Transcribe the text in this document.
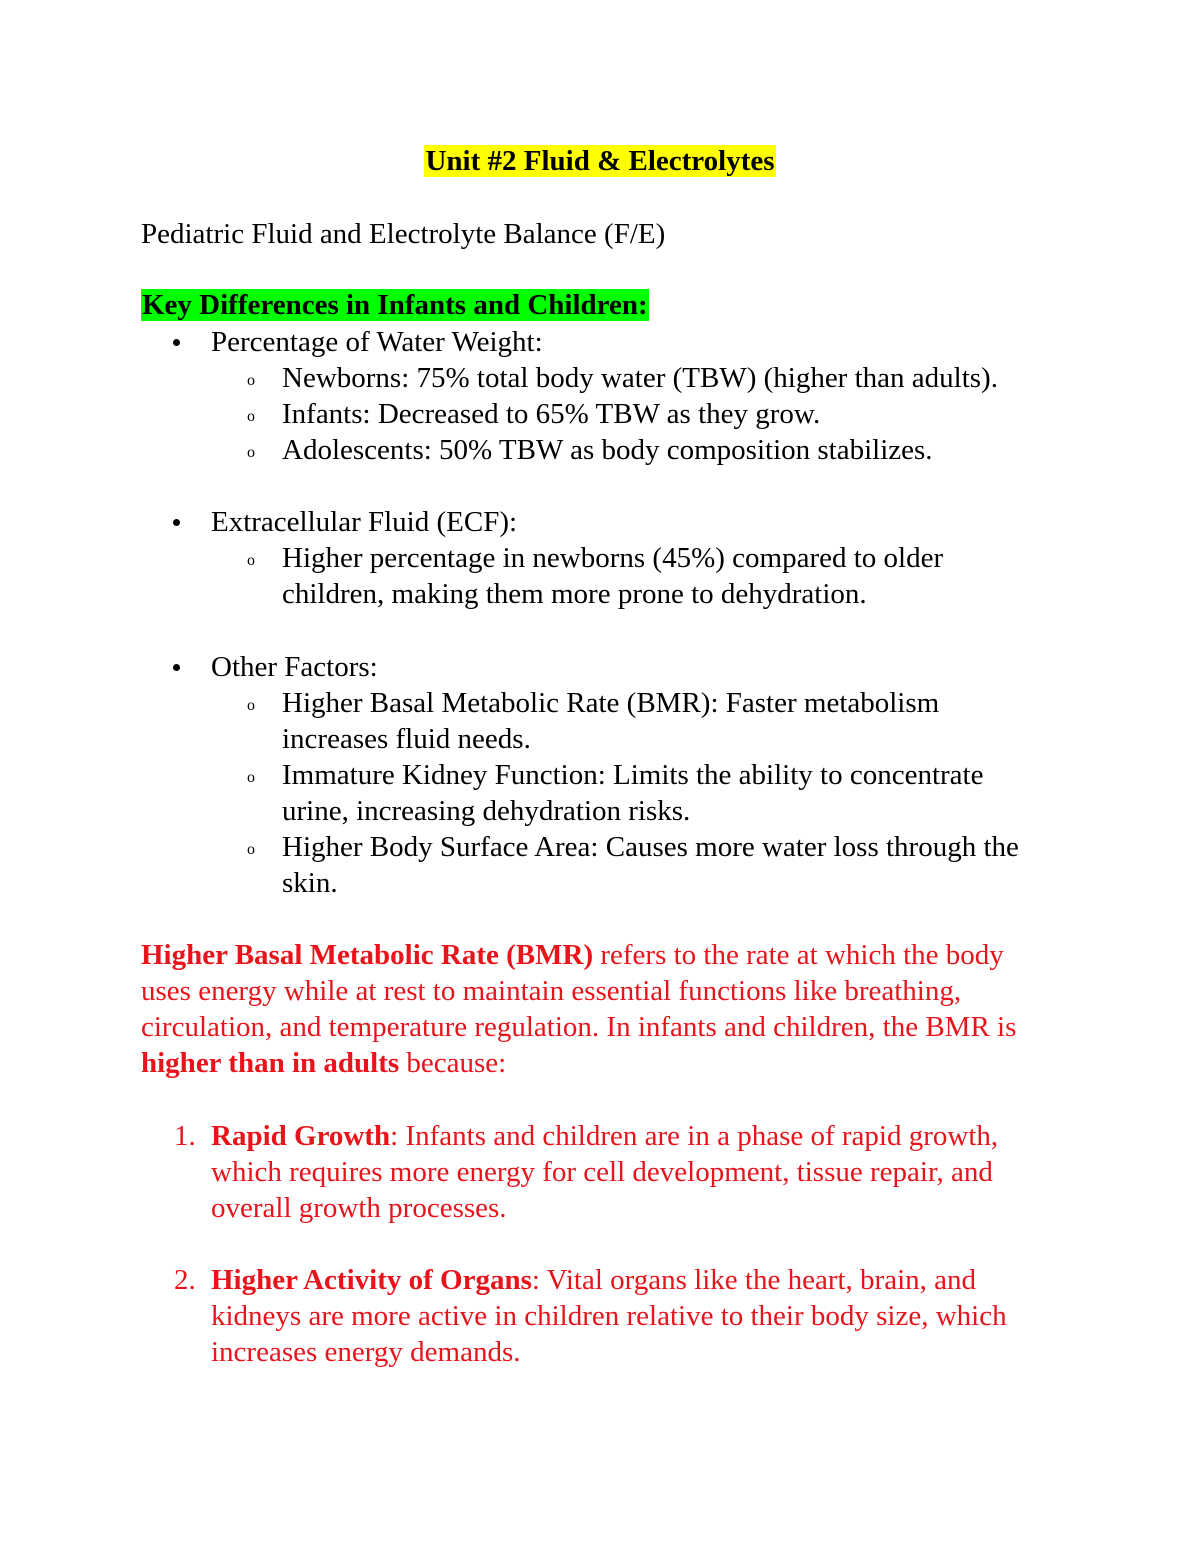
Unit #2 Fluid & Electrolytes

Pediatric Fluid and Electrolyte Balance (F/E)

Key Differences in Infants and Children:

Percentage of Water Weight:
o Newborns: 75% total body water (TBW) (higher than adults).
o Infants: Decreased to 65% TBW as they grow.
o Adolescents: 50% TBW as body composition stabilizes.
Extracellular Fluid (ECF):
o Higher percentage in newborns (45%) compared to older children, making them more prone to dehydration.
Other Factors:
o Higher Basal Metabolic Rate (BMR): Faster metabolism increases fluid needs.
o Immature Kidney Function: Limits the ability to concentrate urine, increasing dehydration risks.
o Higher Body Surface Area: Causes more water loss through the skin.

Higher Basal Metabolic Rate (BMR) refers to the rate at which the body uses energy while at rest to maintain essential functions like breathing, circulation, and temperature regulation. In infants and children, the BMR is higher than in adults because:

1. Rapid Growth: Infants and children are in a phase of rapid growth, which requires more energy for cell development, tissue repair, and overall growth processes.
2. Higher Activity of Organs: Vital organs like the heart, brain, and kidneys are more active in children relative to their body size, which increases energy demands.
